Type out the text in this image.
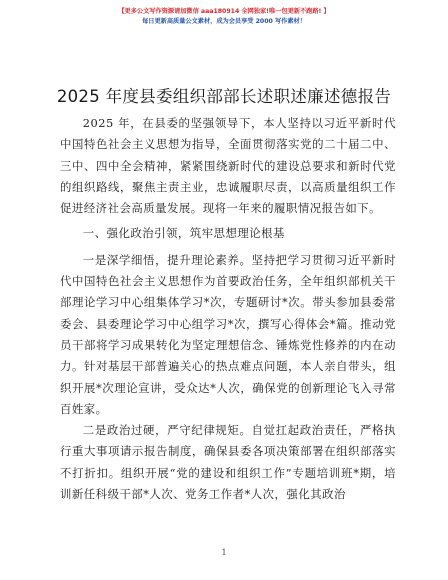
【更多公文写作资源请加微信 aaa180914 全网独家!唯一包更新不跑路! 】
每日更新高质量公文素材，成为会员享受 2000 写作素材！
2025 年度县委组织部部长述职述廉述德报告

2025 年，在县委的坚强领导下，本人坚持以习近平新时代中国特色社会主义思想为指导，全面贯彻落实党的二十届二中、三中、四中全会精神，紧紧围绕新时代的建设总要求和新时代党的组织路线，聚焦主责主业，忠诚履职尽责，以高质量组织工作促进经济社会高质量发展。现将一年来的履职情况报告如下。

一、强化政治引领，筑牢思想理论根基

一是深学细悟，提升理论素养。坚持把学习贯彻习近平新时代中国特色社会主义思想作为首要政治任务，全年组织部机关干部理论学习中心组集体学习*次，专题研讨*次。带头参加县委常委会、县委理论学习中心组学习*次，撰写心得体会*篇。推动党员干部将学习成果转化为坚定理想信念、锤炼党性修养的内在动力。针对基层干部普遍关心的热点难点问题，本人亲自带头，组织开展*次理论宣讲，受众达*人次，确保党的创新理论飞入寻常百姓家。

二是政治过硬，严守纪律规矩。自觉扛起政治责任，严格执行重大事项请示报告制度，确保县委各项决策部署在组织部落实不打折扣。组织开展“党的建设和组织工作”专题培训班*期，培训新任科级干部*人次、党务工作者*人次，强化其政治

1
